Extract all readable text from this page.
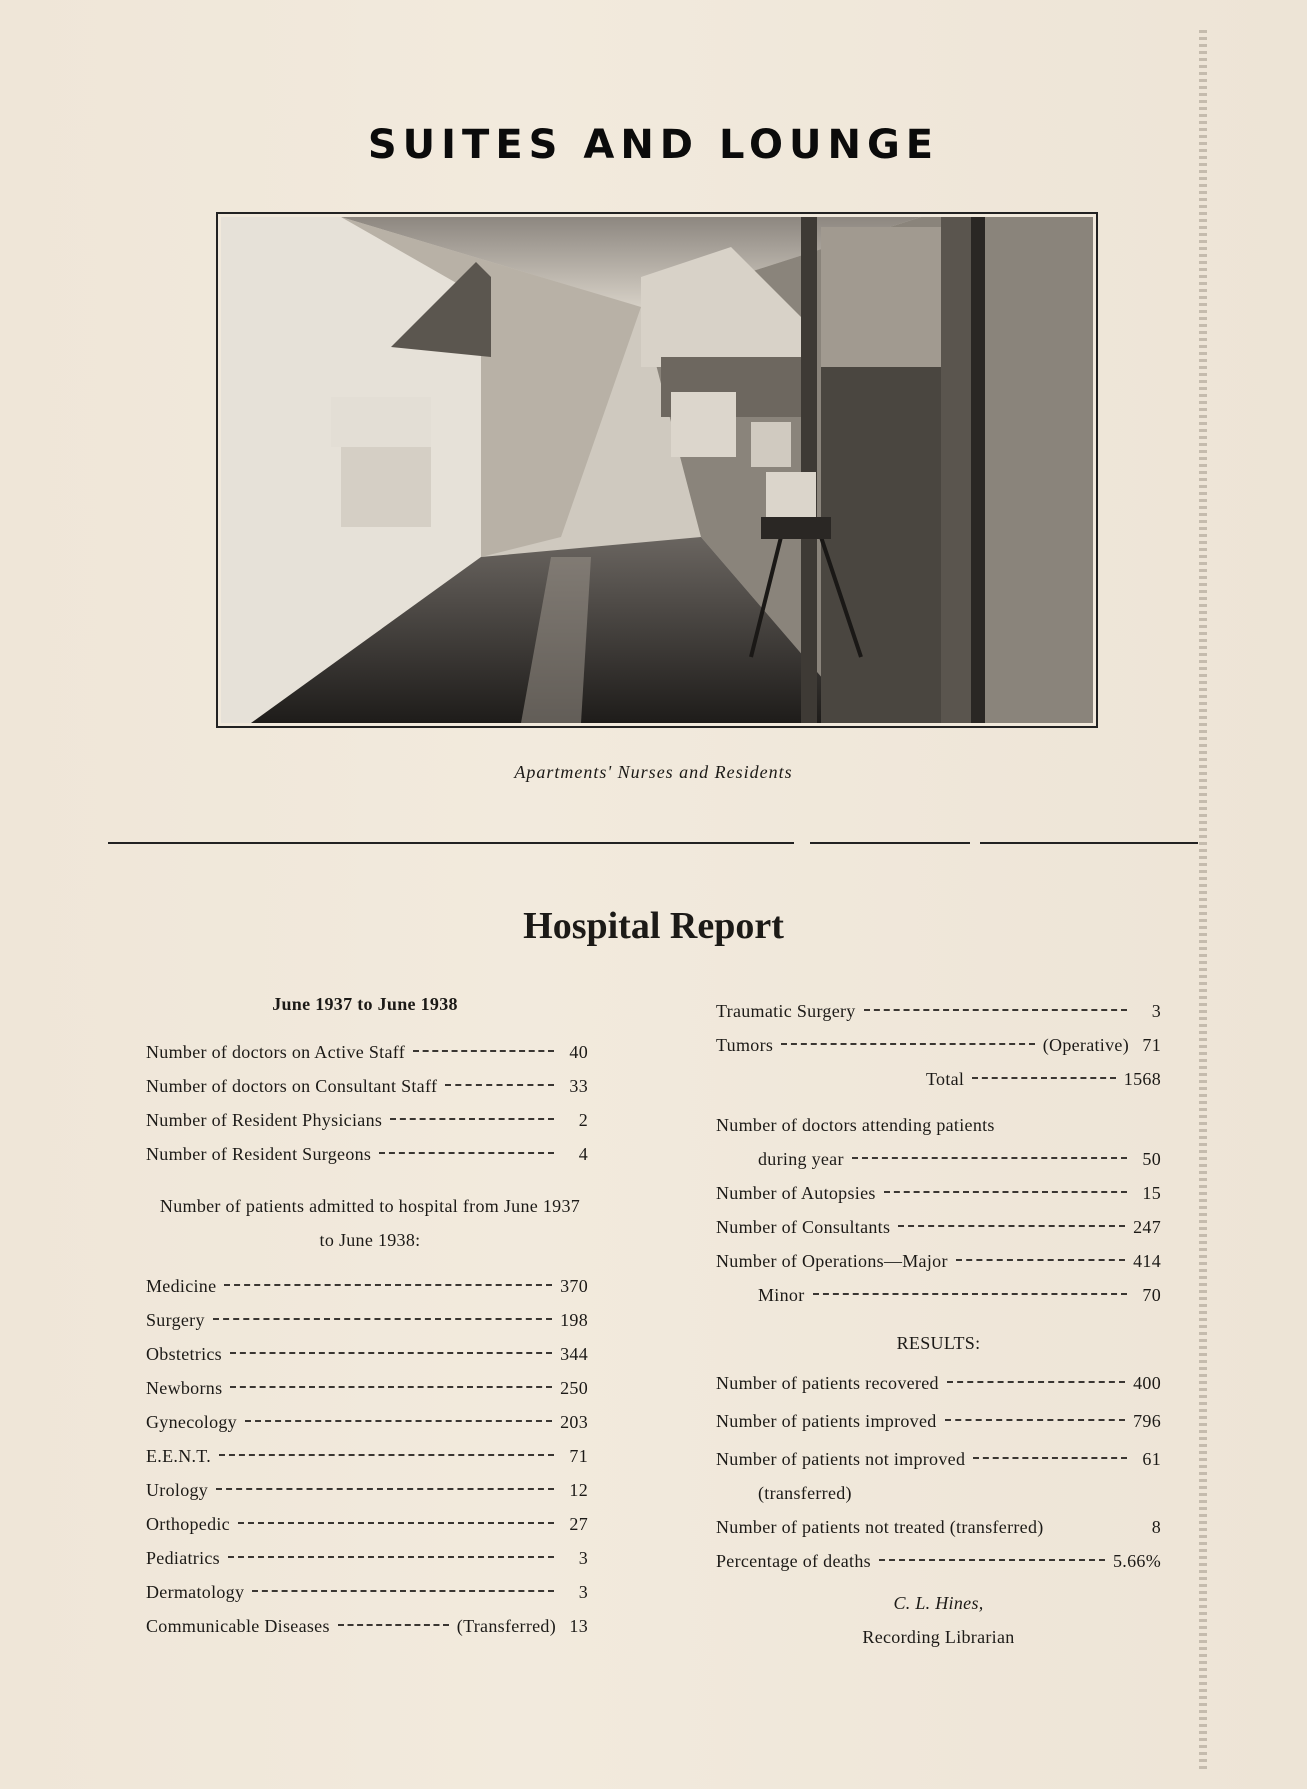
SUITES AND LOUNGE
Apartments' Nurses and Residents
Hospital Report
June 1937 to June 1938
Number of doctors on Active Staff	40
Number of doctors on Consultant Staff	33
Number of Resident Physicians	2
Number of Resident Surgeons	4
Number of patients admitted to hospital from June 1937
to June 1938:
Medicine	370
Surgery	198
Obstetrics	344
Newborns	250
Gynecology	203
E.E.N.T.	71
Urology	12
Orthopedic	27
Pediatrics	3
Dermatology	3
Communicable Diseases	(Transferred) 13
Traumatic Surgery	3
Tumors	(Operative) 71
Total	1568
Number of doctors attending patients
during year	50
Number of Autopsies	15
Number of Consultants	247
Number of Operations—Major	414
Minor	70
RESULTS:
Number of patients recovered	400
Number of patients improved	796
Number of patients not improved	61
(transferred)
Number of patients not treated (transferred)	8
Percentage of deaths	5.66%
C. L. Hines,
Recording Librarian
